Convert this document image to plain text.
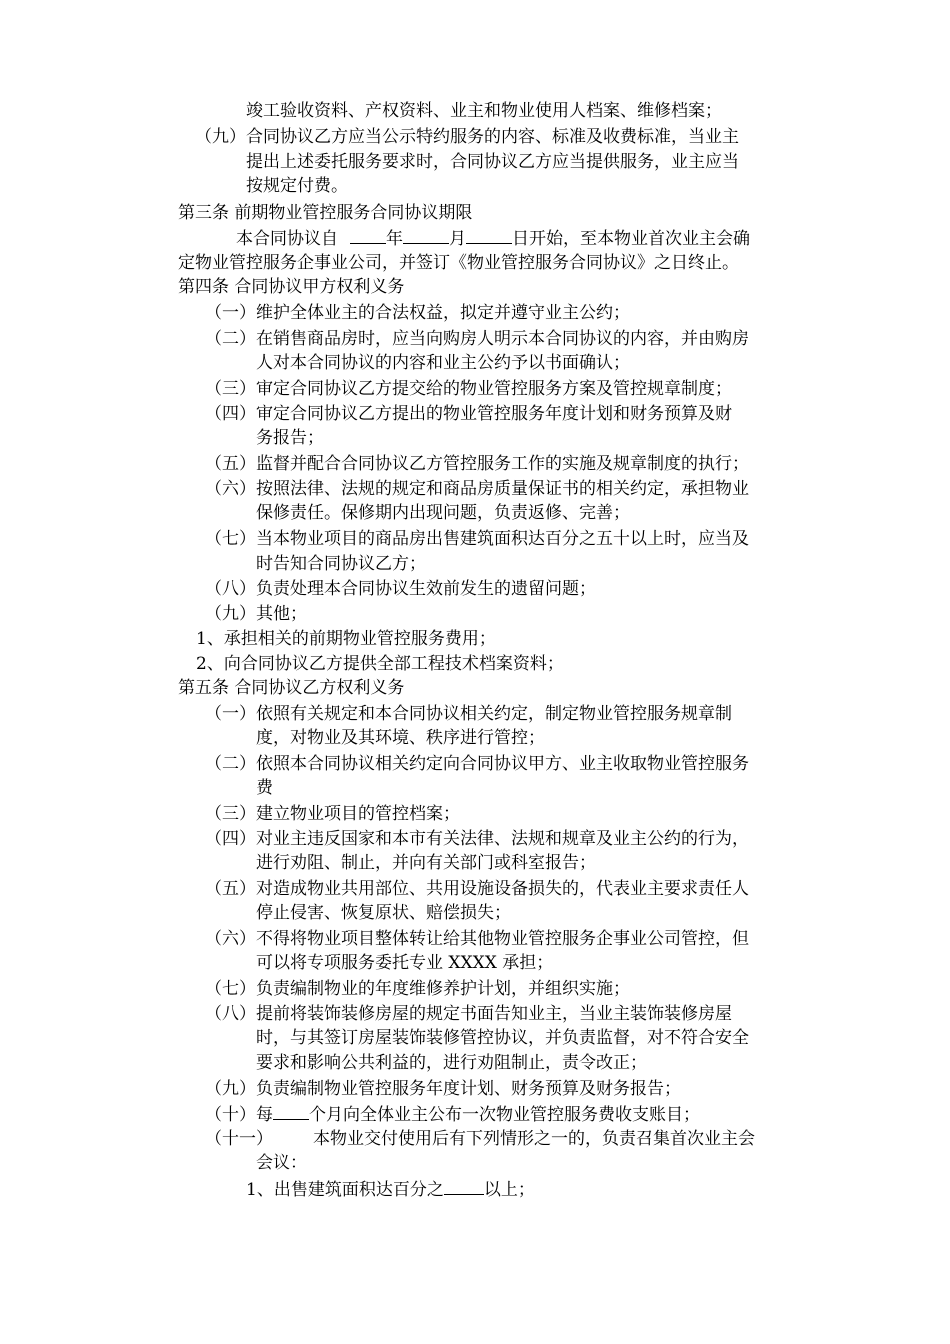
竣工验收资料、产权资料、业主和物业使用人档案、维修档案；
（九）合同协议乙方应当公示特约服务的内容、标准及收费标准，当业主
提出上述委托服务要求时，合同协议乙方应当提供服务，业主应当
按规定付费。
第三条 前期物业管控服务合同协议期限
本合同协议自	年	月	日开始，至本物业首次业主会确
定物业管控服务企事业公司，并签订《物业管控服务合同协议》之日终止。
第四条 合同协议甲方权利义务
（一）维护全体业主的合法权益，拟定并遵守业主公约；
（二）在销售商品房时，应当向购房人明示本合同协议的内容，并由购房
人对本合同协议的内容和业主公约予以书面确认；
（三）审定合同协议乙方提交给的物业管控服务方案及管控规章制度；
（四）审定合同协议乙方提出的物业管控服务年度计划和财务预算及财
务报告；
（五）监督并配合合同协议乙方管控服务工作的实施及规章制度的执行；
（六）按照法律、法规的规定和商品房质量保证书的相关约定，承担物业
保修责任。保修期内出现问题，负责返修、完善；
（七）当本物业项目的商品房出售建筑面积达百分之五十以上时，应当及
时告知合同协议乙方；
（八）负责处理本合同协议生效前发生的遗留问题；
（九）其他；
1、承担相关的前期物业管控服务费用；
2、向合同协议乙方提供全部工程技术档案资料；
第五条 合同协议乙方权利义务
（一）依照有关规定和本合同协议相关约定，制定物业管控服务规章制
度，对物业及其环境、秩序进行管控；
（二）依照本合同协议相关约定向合同协议甲方、业主收取物业管控服务
费
（三）建立物业项目的管控档案；
（四）对业主违反国家和本市有关法律、法规和规章及业主公约的行为，
进行劝阻、制止，并向有关部门或科室报告；
（五）对造成物业共用部位、共用设施设备损失的，代表业主要求责任人
停止侵害、恢复原状、赔偿损失；
（六）不得将物业项目整体转让给其他物业管控服务企事业公司管控，但
可以将专项服务委托专业 XXXX 承担；
（七）负责编制物业的年度维修养护计划，并组织实施；
（八）提前将装饰装修房屋的规定书面告知业主，当业主装饰装修房屋
时，与其签订房屋装饰装修管控协议，并负责监督，对不符合安全
要求和影响公共利益的，进行劝阻制止，责令改正；
（九）负责编制物业管控服务年度计划、财务预算及财务报告；
（十）每 个月向全体业主公布一次物业管控服务费收支账目；
（十一） 本物业交付使用后有下列情形之一的，负责召集首次业主会
会议：
1、出售建筑面积达百分之 以上；
